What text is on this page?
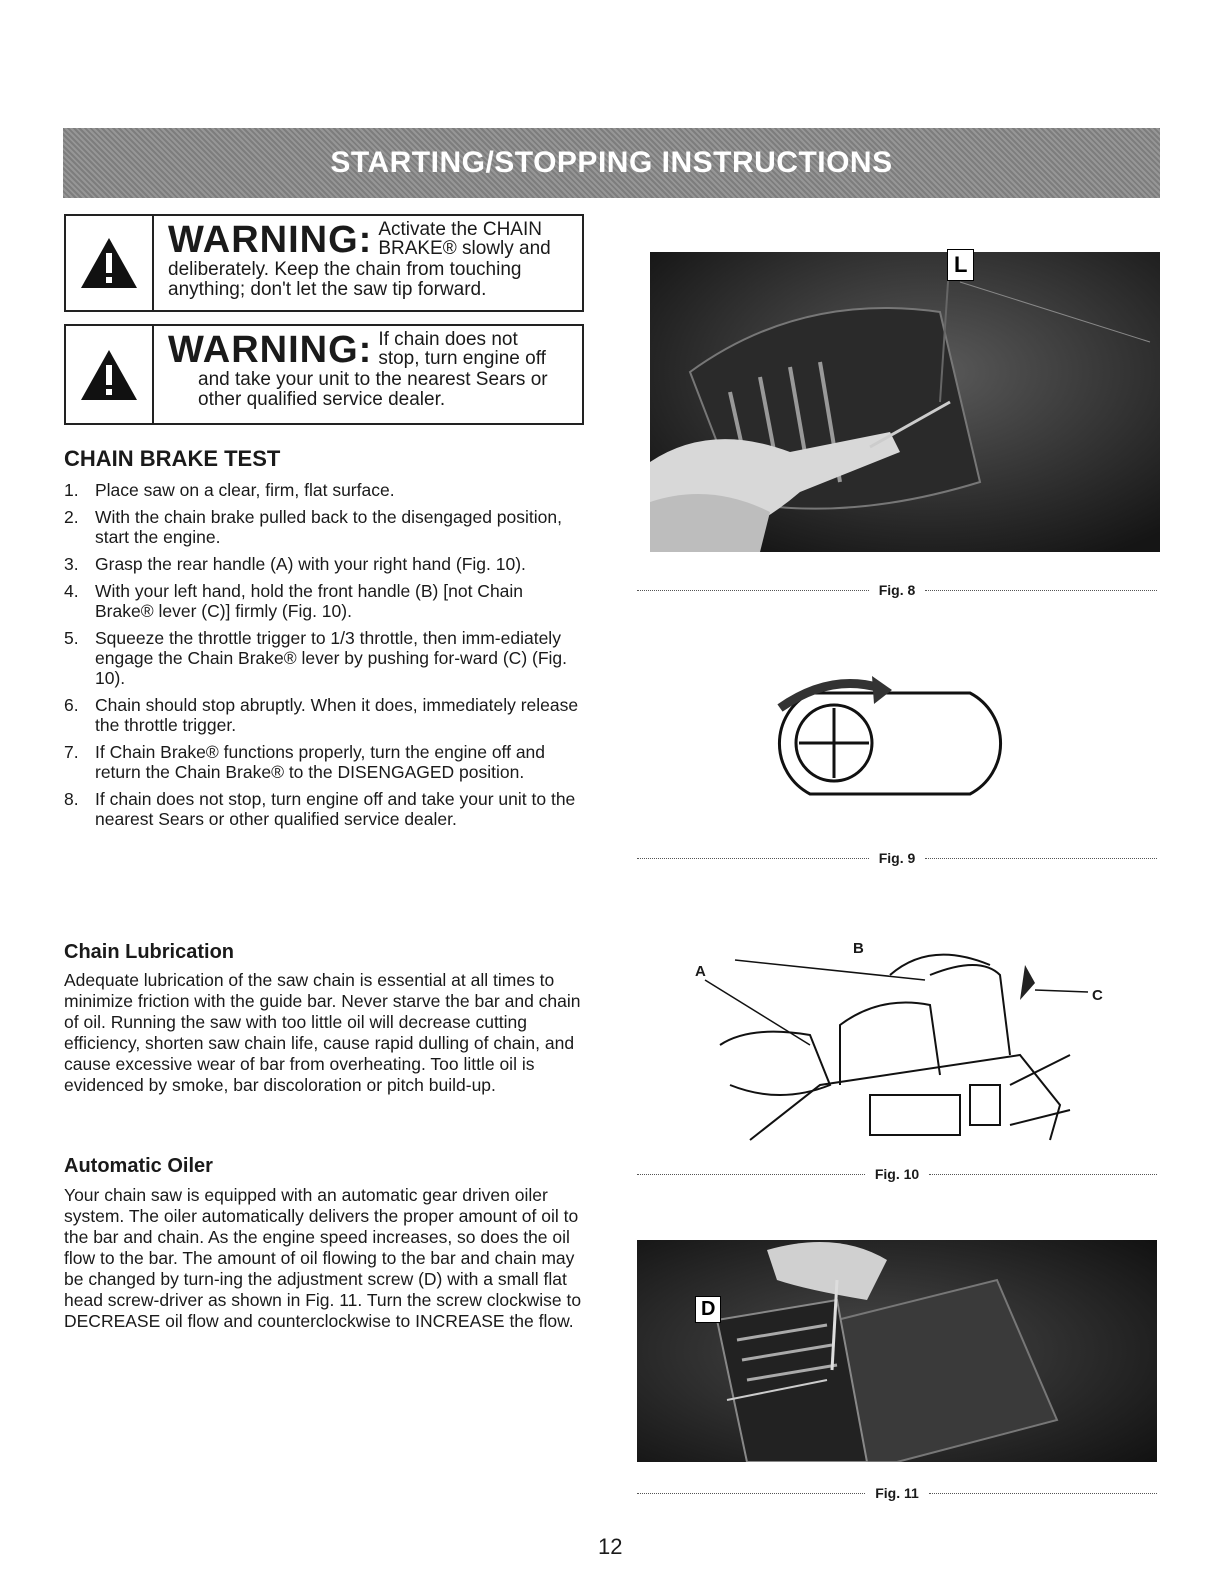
STARTING/STOPPING INSTRUCTIONS
WARNING: Activate the CHAIN BRAKE® slowly and
deliberately. Keep the chain from touching anything; don't let the saw tip forward.
WARNING: If chain does not stop, turn engine off
and take your unit to the nearest Sears or other qualified service dealer.
CHAIN BRAKE TEST
1. Place saw on a clear, firm, flat surface.
2. With the chain brake pulled back to the disengaged position, start the engine.
3. Grasp the rear handle (A) with your right hand (Fig. 10).
4. With your left hand, hold the front handle (B) [not Chain Brake® lever (C)] firmly (Fig. 10).
5. Squeeze the throttle trigger to 1/3 throttle, then imm-ediately engage the Chain Brake® lever by pushing for-ward (C) (Fig. 10).
6. Chain should stop abruptly. When it does, immediately release the throttle trigger.
7. If Chain Brake® functions properly, turn the engine off and return the Chain Brake® to the DISENGAGED position.
8. If chain does not stop, turn engine off and take your unit to the nearest Sears or other qualified service dealer.
Chain Lubrication

Adequate lubrication of the saw chain is essential at all times to minimize friction with the guide bar. Never starve the bar and chain of oil. Running the saw with too little oil will decrease cutting efficiency, shorten saw chain life, cause rapid dulling of chain, and cause excessive wear of bar from overheating. Too little oil is evidenced by smoke, bar discoloration or pitch build-up.

Automatic Oiler

Your chain saw is equipped with an automatic gear driven oiler system. The oiler automatically delivers the proper amount of oil to the bar and chain. As the engine speed increases, so does the oil flow to the bar. The amount of oil flowing to the bar and chain may be changed by turn-ing the adjustment screw (D) with a small flat head screw-driver as shown in Fig. 11. Turn the screw clockwise to DECREASE oil flow and counterclockwise to INCREASE the flow.

L
Fig. 8
Fig. 9
A
B
C
Fig. 10
D
Fig. 11
12
